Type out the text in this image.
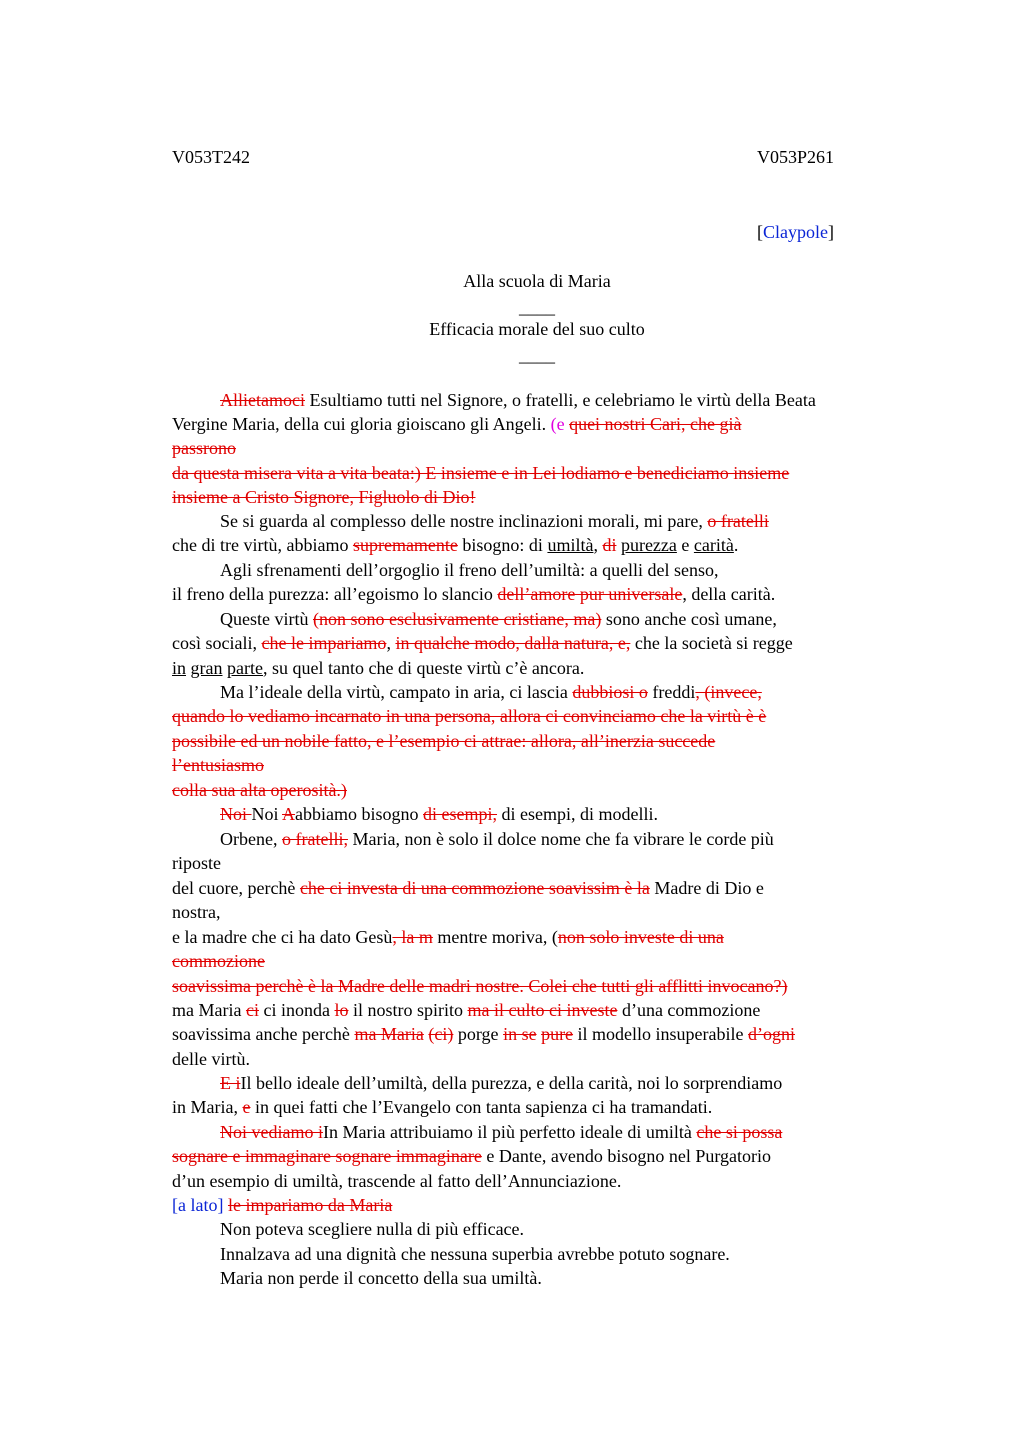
V053T242	V053P261
[Claypole]
Alla scuola di Maria
____
Efficacia morale del suo culto
____
Allietamoci Esultiamo tutti nel Signore, o fratelli, e celebriamo le virtù della Beata
Vergine Maria, della cui gloria gioiscano gli Angeli. (e quei nostri Cari, che già
passrono
da questa misera vita a vita beata:) E insieme e in Lei lodiamo e benediciamo insieme
insieme a Cristo Signore, Figluolo di Dio!
Se si guarda al complesso delle nostre inclinazioni morali, mi pare, o fratelli
che di tre virtù, abbiamo supremamente bisogno: di umiltà, di purezza e carità.
Agli sfrenamenti dell’orgoglio il freno dell’umiltà: a quelli del senso,
il freno della purezza: all’egoismo lo slancio dell’amore pur universale, della carità.
Queste virtù (non sono esclusivamente cristiane, ma) sono anche così umane,
così sociali, che le impariamo, in qualche modo, dalla natura, e, che la società si regge
in gran parte, su quel tanto che di queste virtù c’è ancora.
Ma l’ideale della virtù, campato in aria, ci lascia dubbiosi o freddi, (invece,
quando lo vediamo incarnato in una persona, allora ci convinciamo che la virtù è è
possibile ed un nobile fatto, e l’esempio ci attrae: allora, all’inerzia succede
l’entusiasmo
colla sua alta operosità.)
Noi Noi Aabbiamo bisogno di esempi, di esempi, di modelli.
Orbene, o fratelli, Maria, non è solo il dolce nome che fa vibrare le corde più
riposte
del cuore, perchè che ci investa di una commozione soavissim è la Madre di Dio e
nostra,
e la madre che ci ha dato Gesù, la m mentre moriva, (non solo investe di una
commozione
soavissima perchè è la Madre delle madri nostre. Colei che tutti gli afflitti invocano?)
ma Maria ci ci inonda lo il nostro spirito ma il culto ci investe d’una commozione
soavissima anche perchè ma Maria (ci) porge in se pure il modello insuperabile d’ogni
delle virtù.
E iIl bello ideale dell’umiltà, della purezza, e della carità, noi lo sorprendiamo
in Maria, e in quei fatti che l’Evangelo con tanta sapienza ci ha tramandati.
Noi vediamo iIn Maria attribuiamo il più perfetto ideale di umiltà che si possa
sognare e immaginare sognare immaginare e Dante, avendo bisogno nel Purgatorio
d’un esempio di umiltà, trascende al fatto dell’Annunciazione.
[a lato] le impariamo da Maria
Non poteva scegliere nulla di più efficace.
Innalzava ad una dignità che nessuna superbia avrebbe potuto sognare.
Maria non perde il concetto della sua umiltà.
